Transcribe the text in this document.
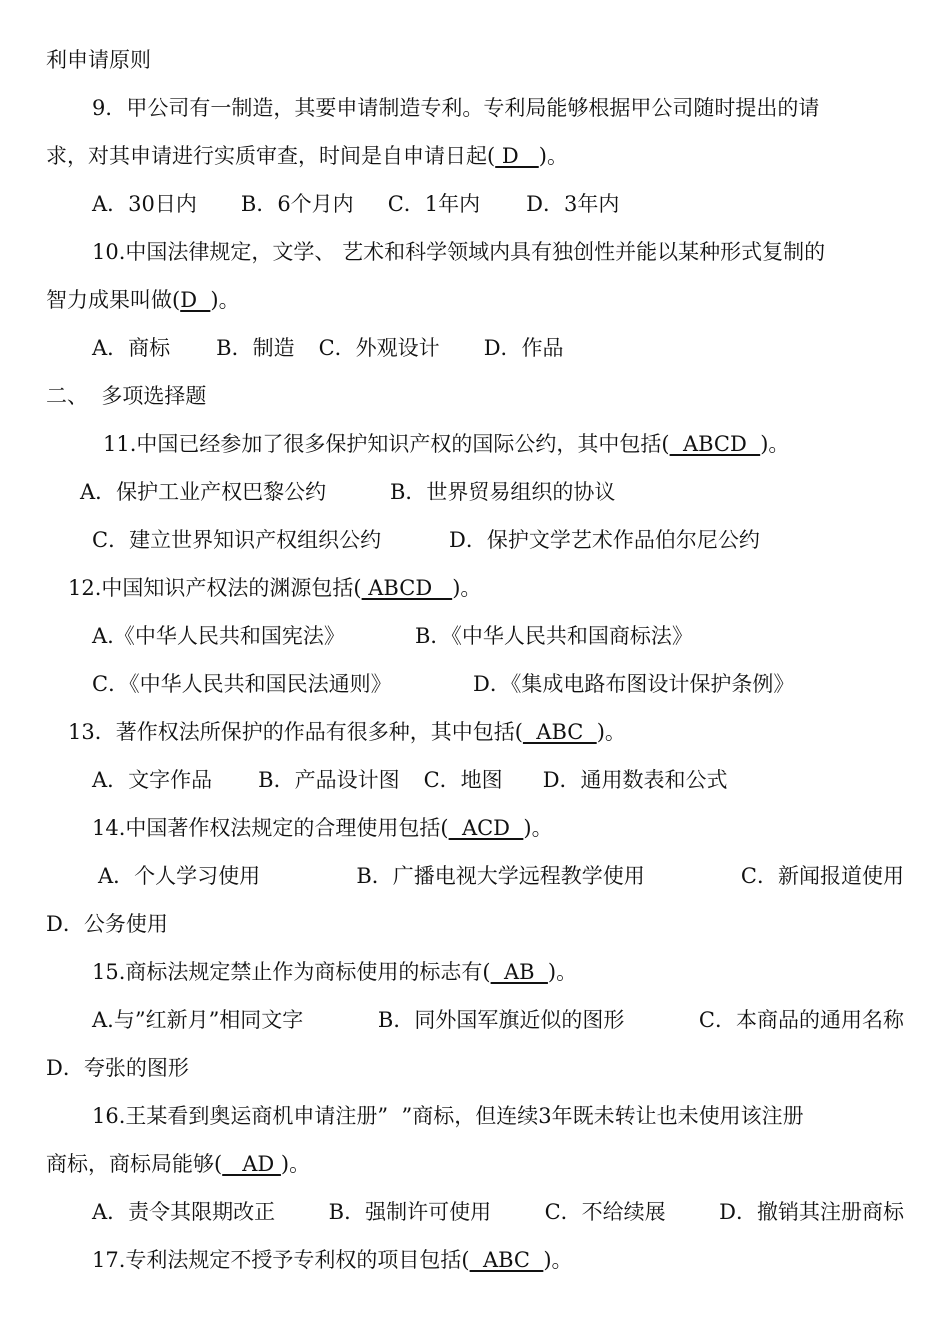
利申请原则
9．甲公司有一制造，其要申请制造专利。专利局能够根据甲公司随时提出的请
求，对其申请进行实质审查，时间是自申请日起( D   )。
A．30日内 B．6个月内 C．1年内 D．3年内
10.中国法律规定，文学、 艺术和科学领域内具有独创性并能以某种形式复制的
智力成果叫做(D  )。
A．商标 B．制造 C．外观设计 D．作品
二、  多项选择题
11.中国已经参加了很多保护知识产权的国际公约，其中包括(  ABCD  )。
A．保护工业产权巴黎公约	B．世界贸易组织的协议
C．建立世界知识产权组织公约	D．保护文学艺术作品伯尔尼公约
12.中国知识产权法的渊源包括( ABCD   )。
A.《中华人民共和国宪法》	B．《中华人民共和国商标法》
C．《中华人民共和国民法通则》	D．《集成电路布图设计保护条例》
13．著作权法所保护的作品有很多种，其中包括(  ABC  )。
A．文字作品 B．产品设计图 C．地图 D．通用数表和公式
14.中国著作权法规定的合理使用包括(  ACD  )。
A．个人学习使用	B．广播电视大学远程教学使用	C．新闻报道使用
D．公务使用
15.商标法规定禁止作为商标使用的标志有(  AB  )。
A.与”红新月”相同文字	B．同外国军旗近似的图形	C．本商品的通用名称
D．夸张的图形
16.王某看到奥运商机申请注册”  ”商标，但连续3年既未转让也未使用该注册
商标，商标局能够(   AD )。
A．责令其限期改正	B．强制许可使用	C．不给续展	D．撤销其注册商标
17.专利法规定不授予专利权的项目包括(  ABC  )。
